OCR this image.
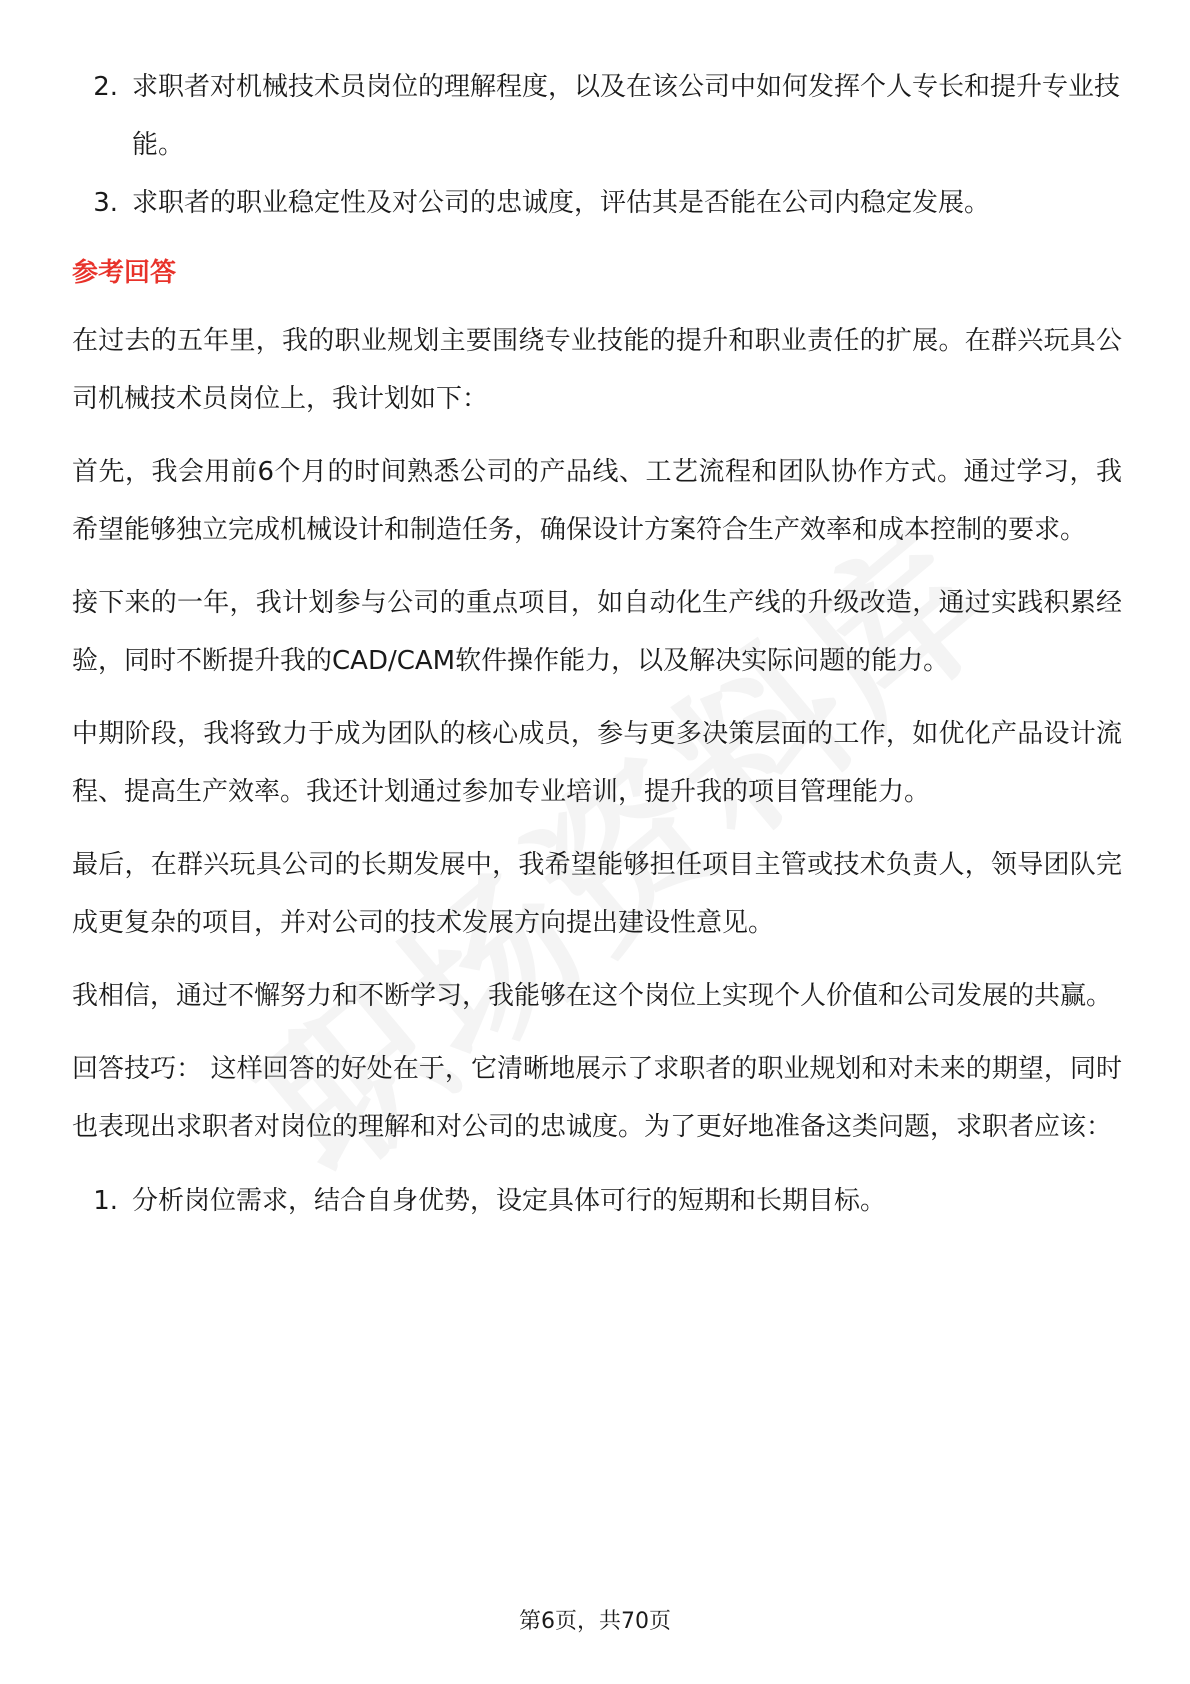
2. 求职者对机械技术员岗位的理解程度，以及在该公司中如何发挥个人专长和提升专业技能。
3. 求职者的职业稳定性及对公司的忠诚度，评估其是否能在公司内稳定发展。
参考回答

在过去的五年里，我的职业规划主要围绕专业技能的提升和职业责任的扩展。在群兴玩具公司机械技术员岗位上，我计划如下：

首先，我会用前6个月的时间熟悉公司的产品线、工艺流程和团队协作方式。通过学习，我希望能够独立完成机械设计和制造任务，确保设计方案符合生产效率和成本控制的要求。

接下来的一年，我计划参与公司的重点项目，如自动化生产线的升级改造，通过实践积累经验，同时不断提升我的CAD/CAM软件操作能力，以及解决实际问题的能力。

中期阶段，我将致力于成为团队的核心成员，参与更多决策层面的工作，如优化产品设计流程、提高生产效率。我还计划通过参加专业培训，提升我的项目管理能力。

最后，在群兴玩具公司的长期发展中，我希望能够担任项目主管或技术负责人，领导团队完成更复杂的项目，并对公司的技术发展方向提出建设性意见。

我相信，通过不懈努力和不断学习，我能够在这个岗位上实现个人价值和公司发展的共赢。

回答技巧： 这样回答的好处在于，它清晰地展示了求职者的职业规划和对未来的期望，同时也表现出求职者对岗位的理解和对公司的忠诚度。为了更好地准备这类问题，求职者应该：

1. 分析岗位需求，结合自身优势，设定具体可行的短期和长期目标。
第6页，共70页
